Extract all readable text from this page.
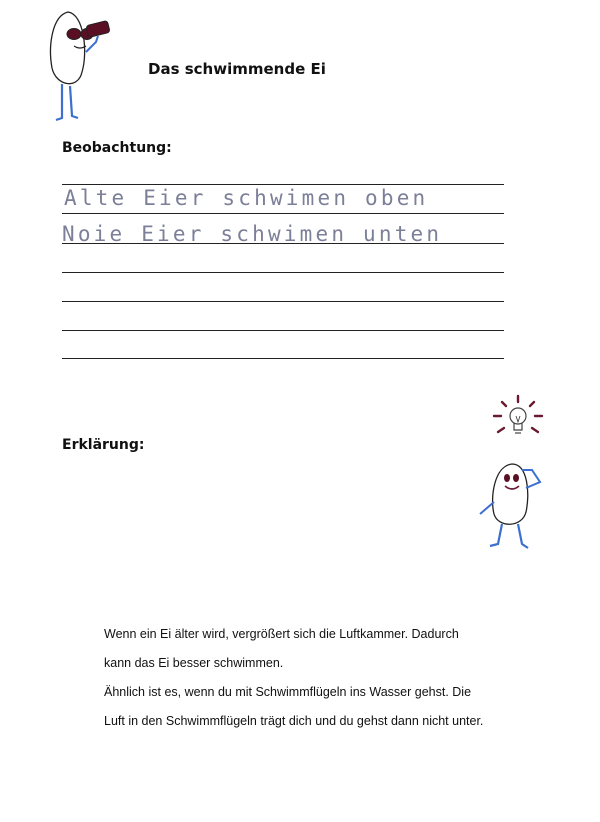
Das schwimmende Ei
Beobachtung:
Alte Eier schwimen oben
Noie Eier schwimen unten
Erklärung:

Wenn ein Ei älter wird, vergrößert sich die Luftkammer. Dadurch

kann das Ei besser schwimmen.

Ähnlich ist es, wenn du mit Schwimmflügeln ins Wasser gehst. Die

Luft in den Schwimmflügeln trägt dich und du gehst dann nicht unter.
